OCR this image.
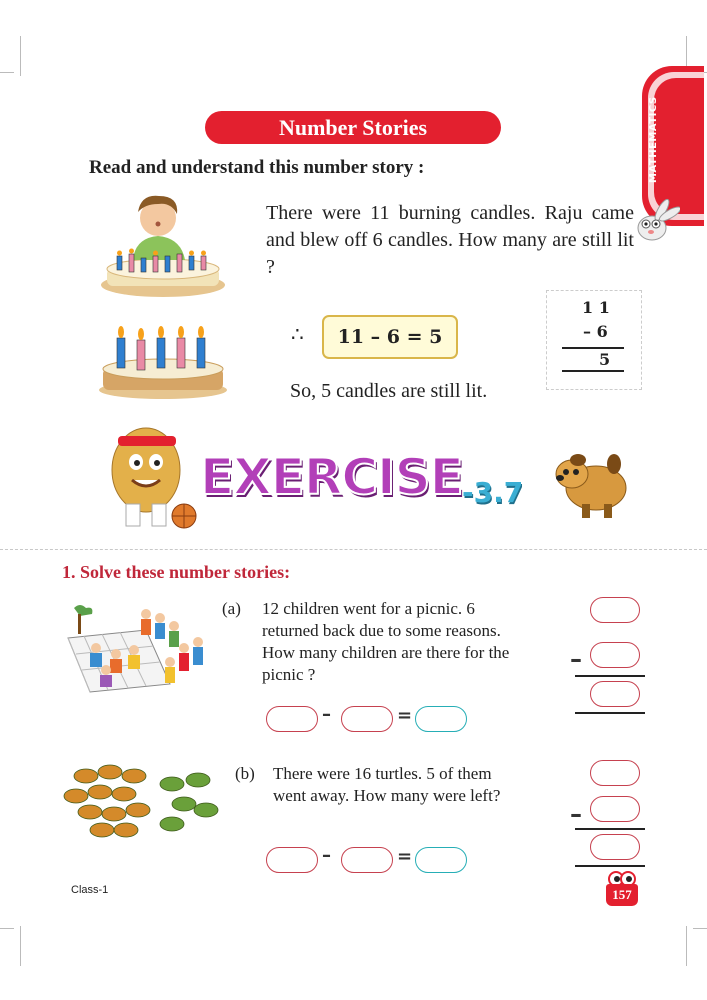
MATHEMATICS
Number Stories
Read and understand this number story :
There were 11 burning candles. Raju came and blew off 6 candles. How many are still lit ?
∴	11 – 6 = 5
1 1
– 6
5
So, 5 candles are still lit.
EXERCISE -3.7
1. Solve these number stories:
(a) 12 children went for a picnic. 6 returned back due to some reasons. How many children are there for the picnic ?
–	=
–
(b) There were 16 turtles. 5 of them went away. How many were left?
–	=
–
Class-1	157
